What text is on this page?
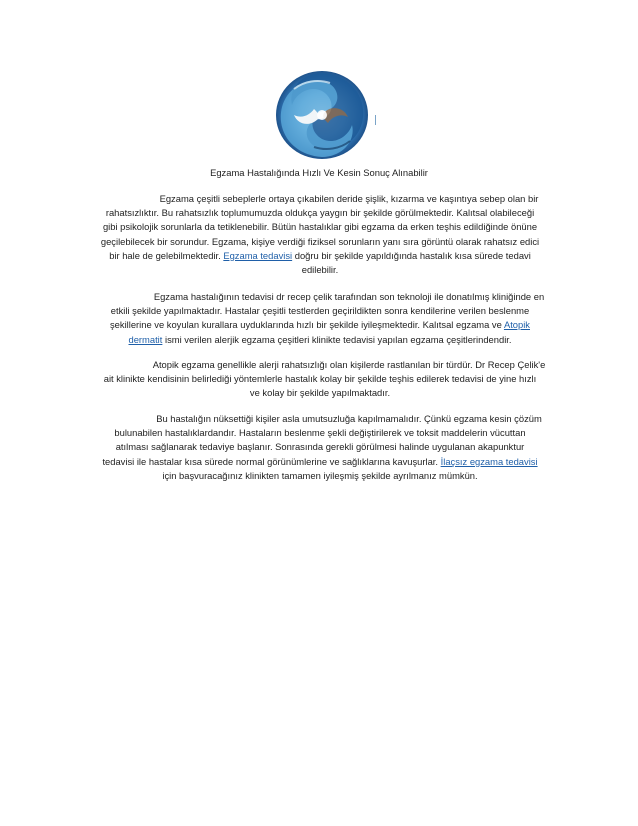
Egzama Hastalığında Hızlı Ve Kesin Sonuç Alınabilir
Egzama çeşitli sebeplerle ortaya çıkabilen deride şişlik, kızarma ve kaşıntıya sebep olan bir
rahatsızlıktır. Bu rahatsızlık toplumumuzda oldukça yaygın bir şekilde görülmektedir. Kalıtsal olabileceği
gibi psikolojik sorunlarla da tetiklenebilir. Bütün hastalıklar gibi egzama da erken teşhis edildiğinde önüne
geçilebilecek bir sorundur. Egzama, kişiye verdiği fiziksel sorunların yanı sıra görüntü olarak rahatsız edici
bir hale de gelebilmektedir. Egzama tedavisi doğru bir şekilde yapıldığında hastalık kısa sürede tedavi
edilebilir.
Egzama hastalığının tedavisi dr recep çelik tarafından son teknoloji ile donatılmış kliniğinde en
etkili şekilde yapılmaktadır. Hastalar çeşitli testlerden geçirildikten sonra kendilerine verilen beslenme
şekillerine ve koyulan kurallara uyduklarında hızlı bir şekilde iyileşmektedir. Kalıtsal egzama ve Atopik
dermatit ismi verilen alerjik egzama çeşitleri klinikte tedavisi yapılan egzama çeşitlerindendir.
Atopik egzama genellikle alerji rahatsızlığı olan kişilerde rastlanılan bir türdür. Dr Recep Çelik'e
ait klinikte kendisinin belirlediği yöntemlerle hastalık kolay bir şekilde teşhis edilerek tedavisi de yine hızlı
ve kolay bir şekilde yapılmaktadır.
Bu hastalığın nüksettiği kişiler asla umutsuzluğa kapılmamalıdır. Çünkü egzama kesin çözüm
bulunabilen hastalıklardandır. Hastaların beslenme şekli değiştirilerek ve toksit maddelerin vücuttan
atılması sağlanarak tedaviye başlanır. Sonrasında gerekli görülmesi halinde uygulanan akapunktur
tedavisi ile hastalar kısa sürede normal görünümlerine ve sağlıklarına kavuşurlar. İlaçsız egzama tedavisi
için başvuracağınız klinikten tamamen iyileşmiş şekilde ayrılmanız mümkün.
